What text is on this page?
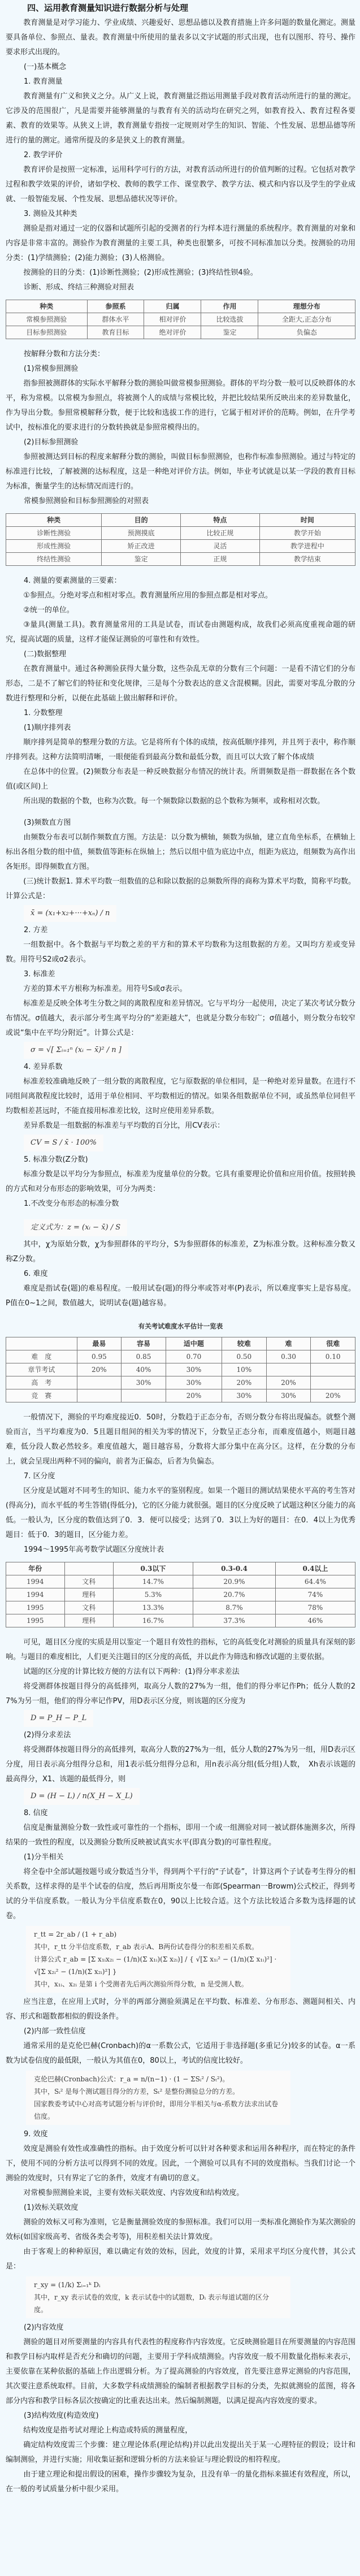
四、运用教育测量知识进行数据分析与处理

教育测量是对学习能力、学业成绩、兴趣爱好、思想品德以及教育措施上许多问题的数量化测定。测量要具备单位、参照点、量表。教育测量中所使用的量表多以文字试题的形式出现，也有以图形、符号、操作要求形式出现的。

(一)基本概念
1. 教育测量

教育测量有广义和狭义之分。从广义上说，教育测量泛指运用测量手段对教育活动所进行的量的测定。它涉及的范围很广，凡是需要并能够测量的与教育有关的活动均在研究之列，如教育投入、教育过程各要素、教育的效果等。从狭义上讲，教育测量专指按一定规则对学生的知识、智能、个性发展、思想品德等所进行的量的测定。通常所提及的多是狭义上的教育测量。

2. 教学评价

教育评价是按照一定标准，运用科学可行的方法，对教育活动所进行的价值判断的过程。它包括对教学过程和教学效果的评价，诸如学校、教师的教学工作、课堂教学、教学方法、模式和内容以及学生的学业成就、一般智能发展、个性发展、思想品德状况等评价。

3. 测验及其种类

测验是指对通过一定的仪器和试题所引起的受测者的行为样本进行测量的系统程序。教育测量的对象和内容是非常丰富的。测验作为教育测量的主要工具，种类也很繁多，可按不同标准加以分类。按测验的功用分类：(1)学绩测验；(2)能力测验；(3)人格测验。

按测验的目的分类：(1)诊断性测验；(2)形成性测验；(3)终结性钡4验。

诊断、形成、终结三种测验对照表

种类	参照系	归属	作用	理想分布
常模参照测验	群体水平	相对评价	比较选拔	全距大,正态分布
目标参照测验	教育目标	绝对评价	鉴定	负偏态

按解释分数和方法分类：

(1)常模参照测验

指参照被测群体的实际水平解释分数的测验叫做常模参照测验。群体的平均分数一般可以反映群体的水平，称为常模。以常模为参照点，将被测个人的成绩与常模比较，并把比较结果所反映出来的差异数量化，作为导出分数。参照常模解释分数，便于比较和选拔工作的进行，它属于相对评价的范畴。例如，在升学考试中，按标准化的要求进行的分数转换就是参照常模得出的。

(2)目标参照测验

参照被测达到目标的程度来解释分数的测验，叫做目标参照测验，也称作标准参照测验。通过与特定的标准进行比较，了解被测的达标程度，这是一种绝对评价方法。例如，毕业考试就是以某一学段的教育目标为标准，衡量学生的达标情况而进行的。

常模参照测验和目标参照测验的对照表

种类	目的	特点	时间
诊断性测验	预测摸底	比较正规	教学开始
形成性测验	矫正改进	灵活	教学进程中
终结性测验	鉴定	正规	教学结束
4. 测量的要素测量的三要素：

①参照点。分绝对零点和相对零点。教育测量所应用的参照点都是相对零点。

②统一的单位。

③量具(测量工具)。教育测量常用的工具是试卷，而试卷由测题构成，故我们必须高度重视命题的研究，提高试题的质量，这样才能保证测验的可靠性和有效性。

(二)数据整理

在教育测量中。通过各种测验获得大量分数，这些杂乱无章的分数有三个问题：一是看不清它们的分布形态，二是不了解它们的特征和变化规律，三是每个分数表达的意义含混模糊。因此，需要对零乱分散的分数进行整理和分析，以便在此基础上做出解释和评价。

1. 分数整理
(1)顺序排列表

顺序排列是简单的整理分数的方法。它是将所有个体的成绩，按高低顺序排列，并且列于表中，称作顺序排列表。这种方法简明清晰，一眼便能看到最高分数和最低分数，而且可以大致了解个体成绩

在总体中的位置。(2)频数分布表是一种反映数据分布情况的统计表。所谓频数是指一群数据在各个数值(或区间)上

所出现的数据的个数，也称为次数。每一个频数除以数据的总个数称为频率，或称相对次数。

(3)频数直方图

由频数分布表可以制作频数直方图。方法是：以分数为横轴，频数为纵轴，建立直角坐标系，在横轴上标出各组分数的组中值，频数值等距标在纵轴上；然后以组中值为底边中点，组距为底边，组频数为高作出各矩形。即得频数直方图。

(三)统计数据1. 算术平均数一组数值的总和除以数据的总频数所得的商称为算术平均数，简称平均数。计算公式是：

x̄ = (x₁+x₂+···+xₙ) / n
2. 方差

一组数据中。各个数据与平均数之差的平方和的算术平均数称为这组数据的方差。又叫均方差或变异数。用符号S2或σ2表示。

3. 标准差

方差的算术平方根称为标准差。用符号S或σ表示。

标准差是反映全体考生分数之间的离散程度和差异情况。它与平均分一起使用，决定了某次考试分数分布情况。σ值越大，表示部分考生离平均分的“差距越大”，也就是分数分布较广；σ值越小，则分数分布较窄或说“集中在平均分附近”。计算公式是：

σ = √[ Σᵢ₌₁ⁿ (xᵢ − x̄)² / n ]
4. 差异系数

标准差较准确地反映了一组分数的离散程度，它与原数据的单位相同，是一种绝对差异量数。在进行不同组间离散程度比较时，适用于单位相同、平均数相近的情况。如果各组数据单位不同，或虽然单位同但平均数相差甚远时，不能直接用标准差比较，这时应使用差异系数。

差异系数是一组数据的标准差与平均数的百分比，用CV表示：

CV = S / x̄ · 100%
5. 标准分数(Z分数)

标准分数是以平均分为参照点，标准差为度量单位的分数。它具有重要理论价值和应用价值。按照转换的方式和对分布形态的影响效果，可分为两类：

1.不改变分布形态的标准分数
定义式为：z = (xᵢ − x̄) / S

其中，χ为原始分数，χ为参照群体的平均分，S为参照群体的标准差，Z为标准分数。这种标准分数又称Z分数。

6. 难度

难度是指试卷(题)的难易程度。一般用试卷(题)的得分率或答对率(P)表示，所以难度事实上是容易度。P值在0~1之间，数值越大，说明试卷(题)越容易。

有关考试难度水平估计一览表

	最易	容易	适中题	较难	难	很难
难　度	0.95	0.85	0.70	0.50	0.30	0.10
章节考试	20%	40%	30%	10%		
高　考		30%	30%	20%	20%	
竞　赛			20%	30%	30%	20%

一般情况下，测验的平均难度接近0．50时，分数趋于正态分布，否则分数分布将出现偏态。就整个测验而言，当平均难度为0．5且题目组间的相关为零的情况下，分数呈正态分布，而难度值越小，则题目越难，低分段人数必然较多。难度值越大，题目越容易，分数将大部分集中在高分区。这样，在分数的分布上，就会呈现出两种不同的偏向，前者为正偏态，后者为负偏态。

7. 区分度

区分度是试题对不同考生的知识、能力水平的鉴别程度。如果一个题目的测试结果使水平高的考生答对(得高分)，而水平低的考生答错(得低分)，它的区分能力就很强。题目的区分度反映了试题这种区分能力的高低。一般认为，区分度的数值达到了0．3．便可以接受；达到了0．3以上为好的题目：在0．4以上为优秀题目：低于0．3的题目，区分能力差。

1994～1995年高考数学试题区分度统计表

年份		0.3以下	0.3-0.4	0.4以上
1994	文科	14.7%	20.9%	64.4%
1994	理科	5.3%	20.7%	74%
1995	文科	13.3%	8.7%	78%
1995	理科	16.7%	37.3%	46%

可见，题目区分度的实质是用以鉴定一个题目有效性的指标，它的高低变化对测验的质量具有深刻的影响。与题目的难度相比，人们更关注题目的区分度的高低，并以此作为筛选和修改试题的主要依据。

试题的区分度的计算比较方便的方法有以下两种：(1)得分率求差法

将受测群体按题目得分的高低排列，取高分人数的27%为一组，他们的得分率记作Ph；低分人数的27%为另一组，他们的得分率记作PV，用D表示区分度，则该题的区分度为

D = P_H − P_L
(2)得分求差法

将受测群体按题目得分的高低排列，取高分人数的27%为一组，低分人数的27%为另一组，用D表示区分度，用日表示高分组得分总和，用1表示低分组得分总和，用n表示高分组(低分组)人数，　Xh表示该题的最高得分，X1、该题的最低得分，则

D = (H − L) / n(X_H − X_L)
8. 信度

信度是衡量测验分数一致性或可靠性的一个指标，即用一个或一组测验对同一被试群体施测多次，所得结果的一致性的程度，以及测验分数所反映被试真实水平(即真分数)的可靠性程度。

(1)分半相关

将全卷中全部试题按题号或分数适当分半，得到两个平行的“子试卷”，计算这两个子试卷考生得分的相关系数，这样求得的是半个试卷的信度，然后再用斯皮尔曼一布郎(Spearman一Browm)公式校正，得到考试的分半信度系数。一般认为分半信度系数在0，90以上比较合适。这个方法比较适合多数为选择题的试卷。

r_tt = 2r_ab / (1 + r_ab)
其中，r_tt 分半信度系数，r_ab 表示A、B两份试卷得分的积差相关系数。
计算公式 r_ab = [Σ x₁ᵢx₂ᵢ − (1/n)(Σ x₁ᵢ)(Σ x₂ᵢ)] / { √[Σ x₁ᵢ² − (1/n)(Σ x₁ᵢ)²] · √[Σ x₂ᵢ² − (1/n)(Σ x₂ᵢ)²] }
其中，x₁ᵢ、x₂ᵢ 是第 i 个受测者先后两次测验所得分数，n 是受测人数。

应当注意，在应用上式时，分半的两部分测验须满足在平均数、标准差、分布形态、测题间相关、内容、形式和题数都相似的假设条件。

(2)内部一致性信度

通常采用的是克伦巴赫(Cronbach)的α一系数公式，它适用于非选择题(多重记分)较多的试卷。α一系数为试卷信度的最低限，一般认为其值在0，80以上，考试的信度比较好。

克伦巴赫(Cronbach)公式：r_a = n/(n−1) · (1 − ΣSᵢ² / Sₜ²)。
其中，Sᵢ² 是每个测试题目得分的方差，Sₜ² 是整份测验总分的方差。
国家教委考试中心对高考试题分析与评价时，即用分半相关与α-系数方法求出试卷信度。
9. 效度

效度是测验有效性或准确性的指标。由于效度分析可以针对各种要求和运用各种程序，而在特定的条件下，使用不同的分析方法可以得到不同的效度。因此，一个测验可以具有不同的效度指标。当我们讨论一个测验的效度时，只有界定了它的条件，效度才有确切的意义。

对常模参照测验来说，主要有效标关联效度、内容效度和结构效度。

(1)效标关联效度

测验的效标又可称为准则，它是衡量测验效度的参照标准。我们可以用一类标准化测验作为某次测验的效标(如国家级高考、省级各类会考等)，用积差相关法计算效度。

由于客观上的种种原因，难以确定有效的效标，因此，效度的计算，采用求平均区分度代替，其公式是：

r_xy = (1/k) Σᵢ₌₁ᵏ Dᵢ
其中，r_xy 表示试卷的效度，k 表示试卷中的试题数，Dᵢ 表示每道试题的区分度。
(2)内容效度

测验的题目对所要测量的内容具有代表性的程度称作内容效度。它反映测验题目在所要测量的内容范围和教学目标内取样是否充分和确切的问题，主要用于学科成绩测验。内容效度一般不用数量化指标来表示，主要依靠在某种依据的基础上作出逻辑分析。为了提高测验的内容效度，首先要注意界定测验的内容范围，其次要注意系统取样。目前，大多数学科成绩测验的编制者根据教学目标的分类，先拟就测验的蓝图，将各部分内容和教学目标各层次按确定的比重表达出来。然后编制测题，以满足提高内容效度的要求。

(3)结构效度(构造效度)

结构效度是指考试对理论上构造或特质的测量程度，

确定结构效度需三个步骤：建立理论体系(理论结构)并以此出发提出关于某一心理特征的假设；设计和编制测验，并进行实施；用收集证据和逻辑分析的方法来验证与理论假设的相符程度。

由于建立理论和提出假设的困难，操作步骤较为复杂，且没有单一的量化指标来描述有效程度，所以，在一般的考试质量分析中很少采用。
